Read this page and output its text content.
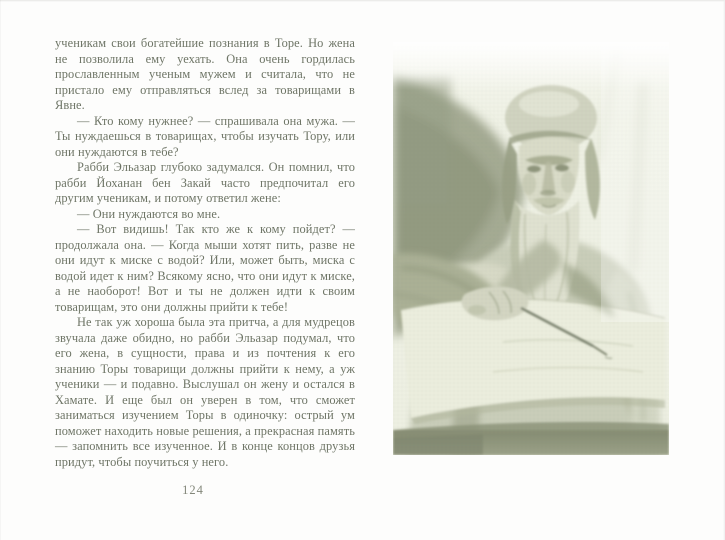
ученикам свои богатейшие познания в Торе. Но жена не позволила ему уехать. Она очень гордилась прославленным ученым мужем и считала, что не пристало ему отправляться вслед за товарищами в Явне.

— Кто кому нужнее? — спрашивала она мужа. — Ты нуждаешься в товарищах, чтобы изучать Тору, или они нуждаются в тебе?

Рабби Эльазар глубоко задумался. Он помнил, что рабби Йоханан бен Закай часто предпочитал его другим ученикам, и потому ответил жене:

— Они нуждаются во мне.

— Вот видишь! Так кто же к кому пойдет? — продолжала она. — Когда мыши хотят пить, разве не они идут к миске с водой? Или, может быть, миска с водой идет к ним? Всякому ясно, что они идут к миске, а не наоборот! Вот и ты не должен идти к своим товарищам, это они должны прийти к тебе!

Не так уж хороша была эта притча, а для мудрецов звучала даже обидно, но рабби Эльазар подумал, что его жена, в сущности, права и из почтения к его знанию Торы товарищи должны прийти к нему, а уж ученики — и подавно. Выслушал он жену и остался в Хамате. И еще был он уверен в том, что сможет заниматься изучением Торы в одиночку: острый ум поможет находить новые решения, а прекрасная память — запомнить все изученное. И в конце концов друзья придут, чтобы поучиться у него.

124
